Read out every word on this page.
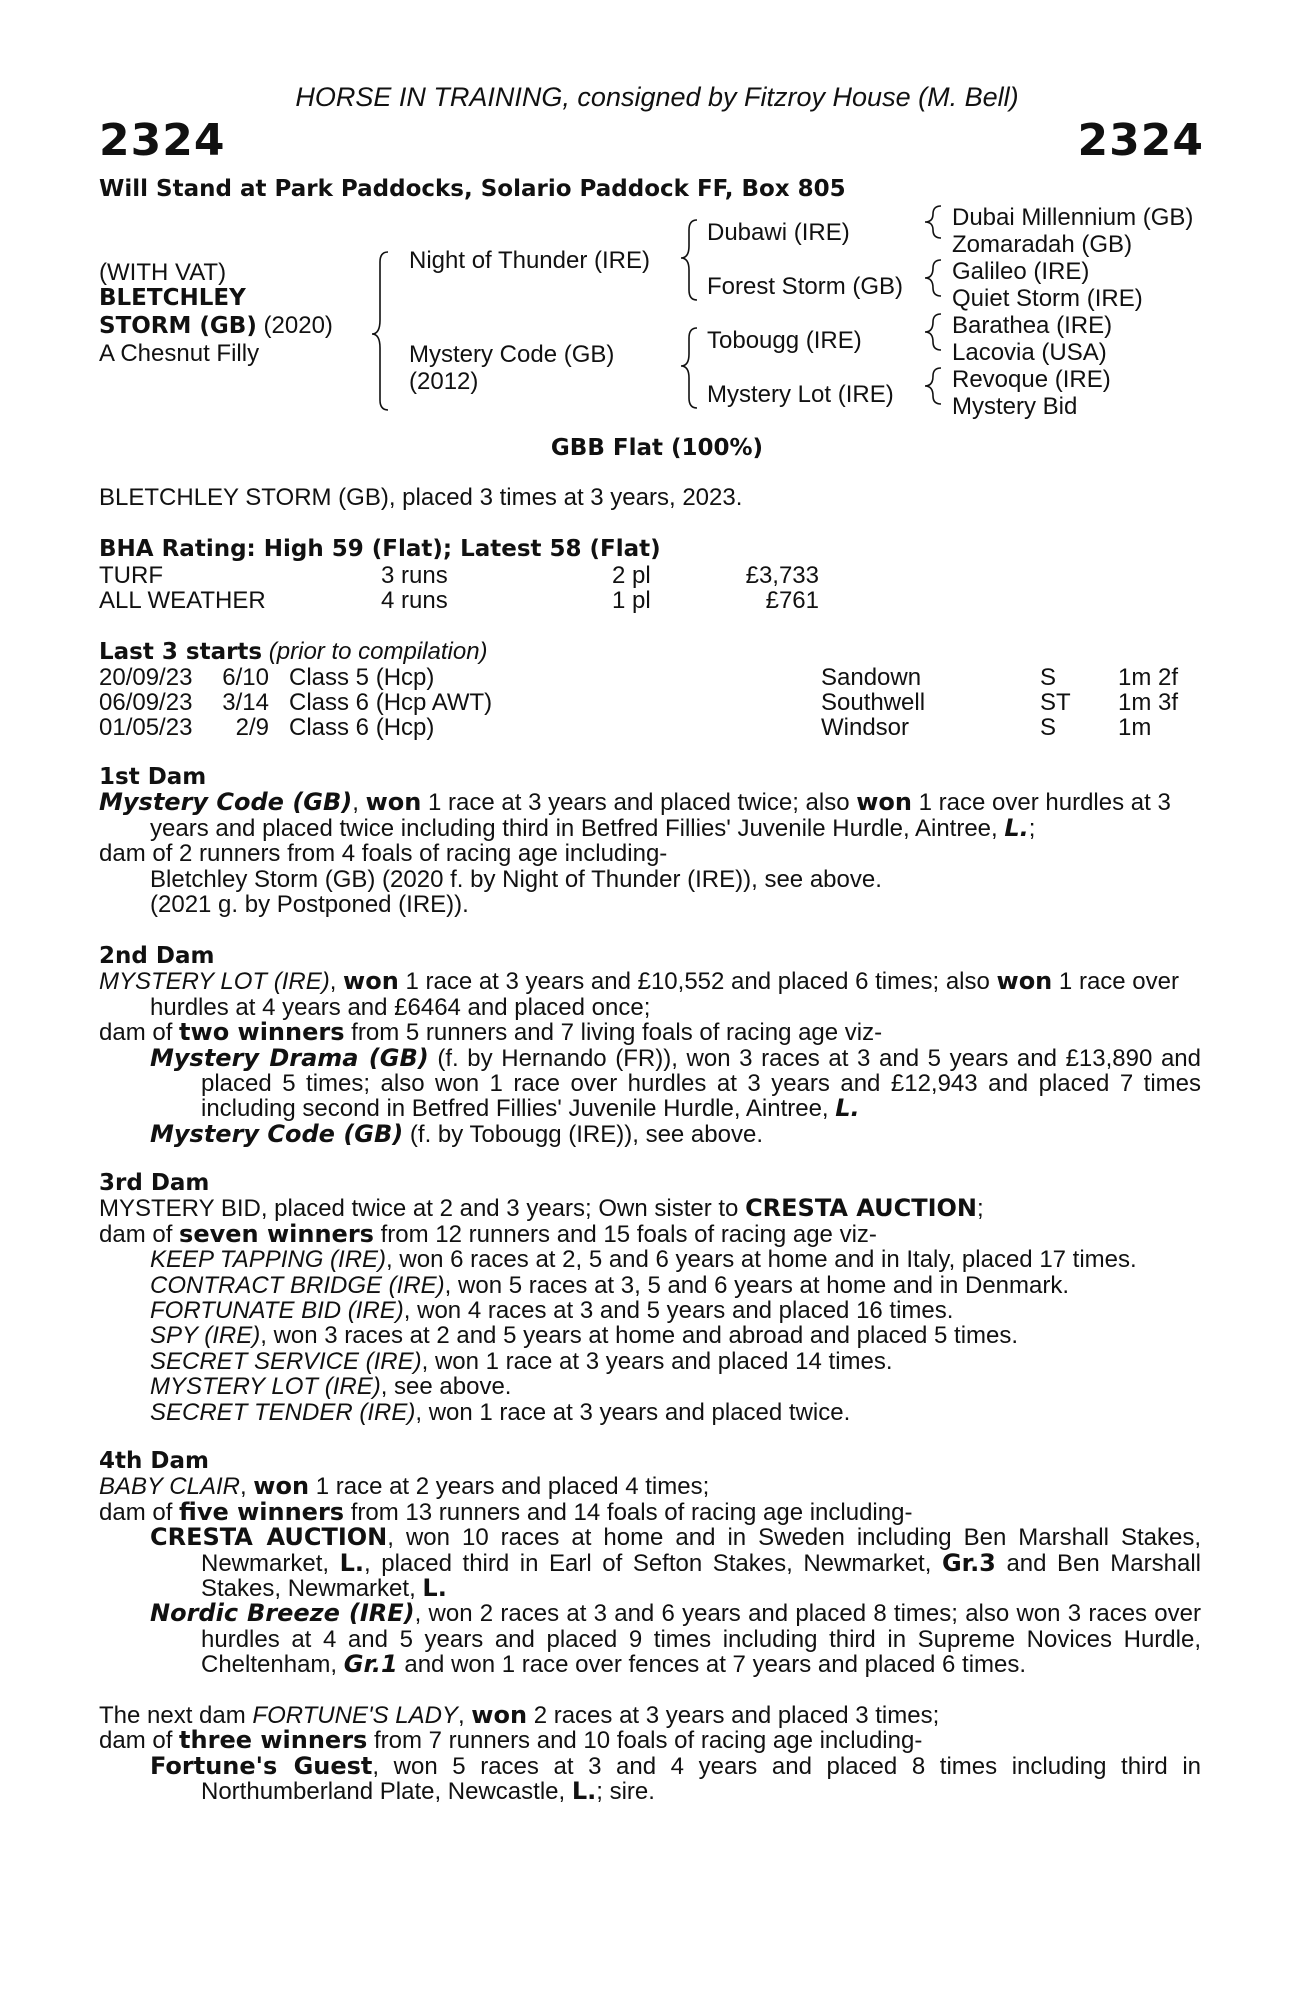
HORSE IN TRAINING, consigned by Fitzroy House (M. Bell)
2324	2324
Will Stand at Park Paddocks, Solario Paddock FF, Box 805
(WITH VAT)
BLETCHLEY
STORM (GB) (2020)
A Chesnut Filly
Night of Thunder (IRE)
Mystery Code (GB)
(2012)
Dubawi (IRE)
Forest Storm (GB)
Tobougg (IRE)
Mystery Lot (IRE)
Dubai Millennium (GB)
Zomaradah (GB)
Galileo (IRE)
Quiet Storm (IRE)
Barathea (IRE)
Lacovia (USA)
Revoque (IRE)
Mystery Bid
GBB Flat (100%)
BLETCHLEY STORM (GB), placed 3 times at 3 years, 2023.
BHA Rating: High 59 (Flat); Latest 58 (Flat)
TURF	3 runs	2 pl	£3,733
ALL WEATHER	4 runs	1 pl	£761
Last 3 starts (prior to compilation)
20/09/23	6/10 Class 5 (Hcp)	Sandown	S	1m 2f
06/09/23	3/14 Class 6 (Hcp AWT)	Southwell	ST 1m 3f
01/05/23	2/9 Class 6 (Hcp)	Windsor	S	1m

1st Dam

Mystery Code (GB), won 1 race at 3 years and placed twice; also won 1 race over hurdles at 3 years and placed twice including third in Betfred Fillies' Juvenile Hurdle, Aintree, L.;

dam of 2 runners from 4 foals of racing age including-

Bletchley Storm (GB) (2020 f. by Night of Thunder (IRE)), see above.

(2021 g. by Postponed (IRE)).

2nd Dam

MYSTERY LOT (IRE), won 1 race at 3 years and £10,552 and placed 6 times; also won 1 race over hurdles at 4 years and £6464 and placed once;

dam of two winners from 5 runners and 7 living foals of racing age viz-

Mystery Drama (GB) (f. by Hernando (FR)), won 3 races at 3 and 5 years and £13,890 and placed 5 times; also won 1 race over hurdles at 3 years and £12,943 and placed 7 times including second in Betfred Fillies' Juvenile Hurdle, Aintree, L.

Mystery Code (GB) (f. by Tobougg (IRE)), see above.

3rd Dam

MYSTERY BID, placed twice at 2 and 3 years; Own sister to CRESTA AUCTION;

dam of seven winners from 12 runners and 15 foals of racing age viz-

KEEP TAPPING (IRE), won 6 races at 2, 5 and 6 years at home and in Italy, placed 17 times.

CONTRACT BRIDGE (IRE), won 5 races at 3, 5 and 6 years at home and in Denmark.

FORTUNATE BID (IRE), won 4 races at 3 and 5 years and placed 16 times.

SPY (IRE), won 3 races at 2 and 5 years at home and abroad and placed 5 times.

SECRET SERVICE (IRE), won 1 race at 3 years and placed 14 times.

MYSTERY LOT (IRE), see above.

SECRET TENDER (IRE), won 1 race at 3 years and placed twice.

4th Dam

BABY CLAIR, won 1 race at 2 years and placed 4 times;

dam of five winners from 13 runners and 14 foals of racing age including-

CRESTA AUCTION, won 10 races at home and in Sweden including Ben Marshall Stakes, Newmarket, L., placed third in Earl of Sefton Stakes, Newmarket, Gr.3 and Ben Marshall Stakes, Newmarket, L.

Nordic Breeze (IRE), won 2 races at 3 and 6 years and placed 8 times; also won 3 races over hurdles at 4 and 5 years and placed 9 times including third in Supreme Novices Hurdle, Cheltenham, Gr.1 and won 1 race over fences at 7 years and placed 6 times.

The next dam FORTUNE'S LADY, won 2 races at 3 years and placed 3 times;

dam of three winners from 7 runners and 10 foals of racing age including-

Fortune's Guest, won 5 races at 3 and 4 years and placed 8 times including third in Northumberland Plate, Newcastle, L.; sire.
